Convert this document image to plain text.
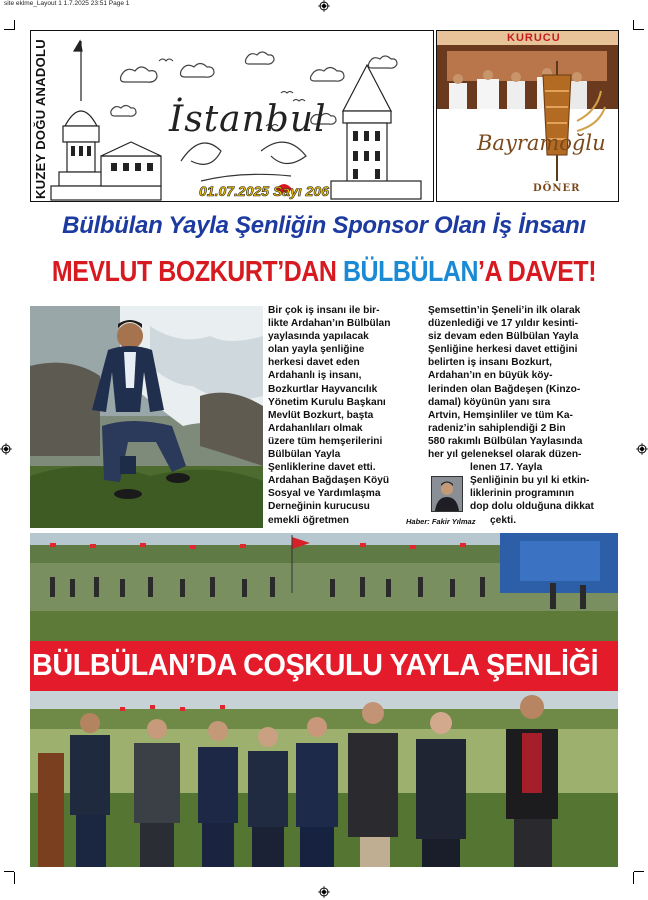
site eklme_Layout 1 1.7.2025 23:51 Page 1
KUZEY DOĞU ANADOLU	İstanbul
01.07.2025 Sayı 206
KURUCU
Bayramoğlu
DÖNER
Bülbülan Yayla Şenliğin Sponsor Olan İş İnsanı
MEVLUT BOZKURT’DAN BÜLBÜLAN’A DAVET!

Bir çok iş insanı ile bir-

likte Ardahan’ın Bülbülan

yaylasında yapılacak

olan yayla şenliğine

herkesi davet eden

Ardahanlı iş insanı,

Bozkurtlar Hayvancılık

Yönetim Kurulu Başkanı

Mevlüt Bozkurt, başta

Ardahanlıları olmak

üzere tüm hemşerilerini

Bülbülan Yayla

Şenliklerine davet etti.

Ardahan Bağdaşen Köyü

Sosyal ve Yardımlaşma

Derneğinin kurucusu

emekli öğretmen

Şemsettin’in Şeneli’in ilk olarak

düzenlediği ve 17 yıldır kesinti-

siz devam eden Bülbülan Yayla

Şenliğine herkesi davet ettiğini

belirten iş insanı Bozkurt,

Ardahan’ın en büyük köy-

lerinden olan Bağdeşen (Kinzo-

damal) köyünün yanı sıra

Artvin, Hemşinliler ve tüm Ka-

radeniz’in sahiplendiği 2 Bin

580 rakımlı Bülbülan Yaylasında

her yıl geleneksel olarak düzen-

lenen 17. Yayla

Şenliğinin bu yıl ki etkin-

liklerinin programının

dop dolu olduğuna dikkat

çekti.

Haber: Fakir Yılmaz
BÜLBÜLAN’DA COŞKULU YAYLA ŞENLİĞİ
